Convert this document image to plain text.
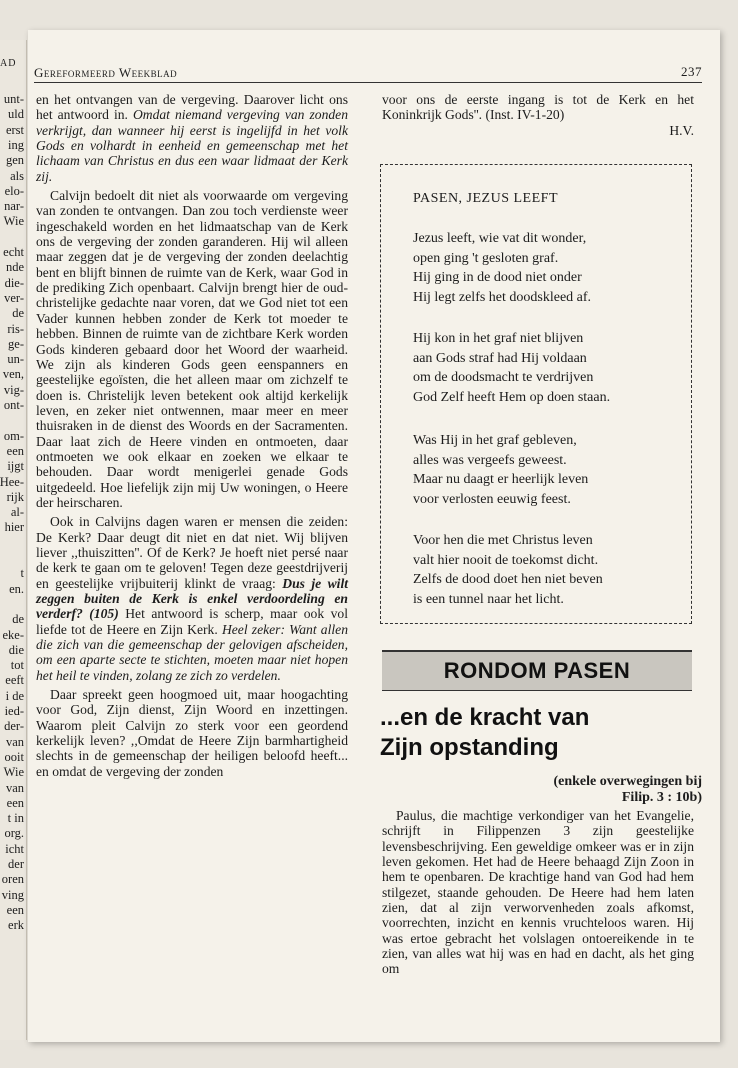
AD
unt-
uld
erst
ing
gen
als
elo-
nar-
Wie
echt
nde
die-
ver-
de
ris-
ge-
un-
ven,
vig-
ont-
om-
een
ijgt
Hee-
rijk
al-
hier
t
en.
de
eke-
die
tot
eeft
i de
ied-
der-
van
ooit
Wie
van
een
t in
org.
icht
der
oren
ving
een
erk
Gereformeerd Weekblad	237

en het ontvangen van de vergeving. Daarover licht ons het antwoord in. Omdat niemand vergeving van zonden verkrijgt, dan wanneer hij eerst is ingelijfd in het volk Gods en volhardt in eenheid en gemeenschap met het lichaam van Christus en dus een waar lidmaat der Kerk zij.

Calvijn bedoelt dit niet als voorwaarde om vergeving van zonden te ontvangen. Dan zou toch verdienste weer ingeschakeld worden en het lidmaatschap van de Kerk ons de vergeving der zonden garanderen. Hij wil alleen maar zeggen dat je de vergeving der zonden deelachtig bent en blijft binnen de ruimte van de Kerk, waar God in de prediking Zich openbaart. Calvijn brengt hier de oud-christelijke gedachte naar voren, dat we God niet tot een Vader kunnen hebben zonder de Kerk tot moeder te hebben. Binnen de ruimte van de zichtbare Kerk worden Gods kinderen gebaard door het Woord der waarheid. We zijn als kinderen Gods geen eenspanners en geestelijke egoïsten, die het alleen maar om zichzelf te doen is. Christelijk leven betekent ook altijd kerkelijk leven, en zeker niet ontwennen, maar meer en meer thuisraken in de dienst des Woords en der Sacramenten. Daar laat zich de Heere vinden en ontmoeten, daar ontmoeten we ook elkaar en zoeken we elkaar te behouden. Daar wordt menigerlei genade Gods uitgedeeld. Hoe liefelijk zijn mij Uw woningen, o Heere der heirscharen.

Ook in Calvijns dagen waren er mensen die zeiden: De Kerk? Daar deugt dit niet en dat niet. Wij blijven liever ,,thuiszitten''. Of de Kerk? Je hoeft niet persé naar de kerk te gaan om te geloven! Tegen deze geestdrijverij en geestelijke vrijbuiterij klinkt de vraag: Dus je wilt zeggen buiten de Kerk is enkel verdoordeling en verderf? (105) Het antwoord is scherp, maar ook vol liefde tot de Heere en Zijn Kerk. Heel zeker: Want allen die zich van die gemeenschap der gelovigen afscheiden, om een aparte secte te stichten, moeten maar niet hopen het heil te vinden, zolang ze zich zo verdelen.

Daar spreekt geen hoogmoed uit, maar hoogachting voor God, Zijn dienst, Zijn Woord en inzettingen. Waarom pleit Calvijn zo sterk voor een geordend kerkelijk leven? ,,Omdat de Heere Zijn barmhartigheid slechts in de gemeenschap der heiligen beloofd heeft... en omdat de vergeving der zonden

voor ons de eerste ingang is tot de Kerk en het Koninkrijk Gods''. (Inst. IV-1-20)

H.V.

PASEN, JEZUS LEEFT
Jezus leeft, wie vat dit wonder,
open ging 't gesloten graf.
Hij ging in de dood niet onder
Hij legt zelfs het doodskleed af.
Hij kon in het graf niet blijven
aan Gods straf had Hij voldaan
om de doodsmacht te verdrijven
God Zelf heeft Hem op doen staan.
Was Hij in het graf gebleven,
alles was vergeefs geweest.
Maar nu daagt er heerlijk leven
voor verlosten eeuwig feest.
Voor hen die met Christus leven
valt hier nooit de toekomst dicht.
Zelfs de dood doet hen niet beven
is een tunnel naar het licht.
RONDOM PASEN
...en de kracht van
Zijn opstanding
(enkele overwegingen bij
Filip. 3 : 10b)

Paulus, die machtige verkondiger van het Evangelie, schrijft in Filippenzen 3 zijn geestelijke levensbeschrijving. Een geweldige omkeer was er in zijn leven gekomen. Het had de Heere behaagd Zijn Zoon in hem te openbaren. De krachtige hand van God had hem stilgezet, staande gehouden. De Heere had hem laten zien, dat al zijn verworvenheden zoals afkomst, voorrechten, inzicht en kennis vruchteloos waren. Hij was ertoe gebracht het volslagen ontoereikende in te zien, van alles wat hij was en had en dacht, als het ging om
